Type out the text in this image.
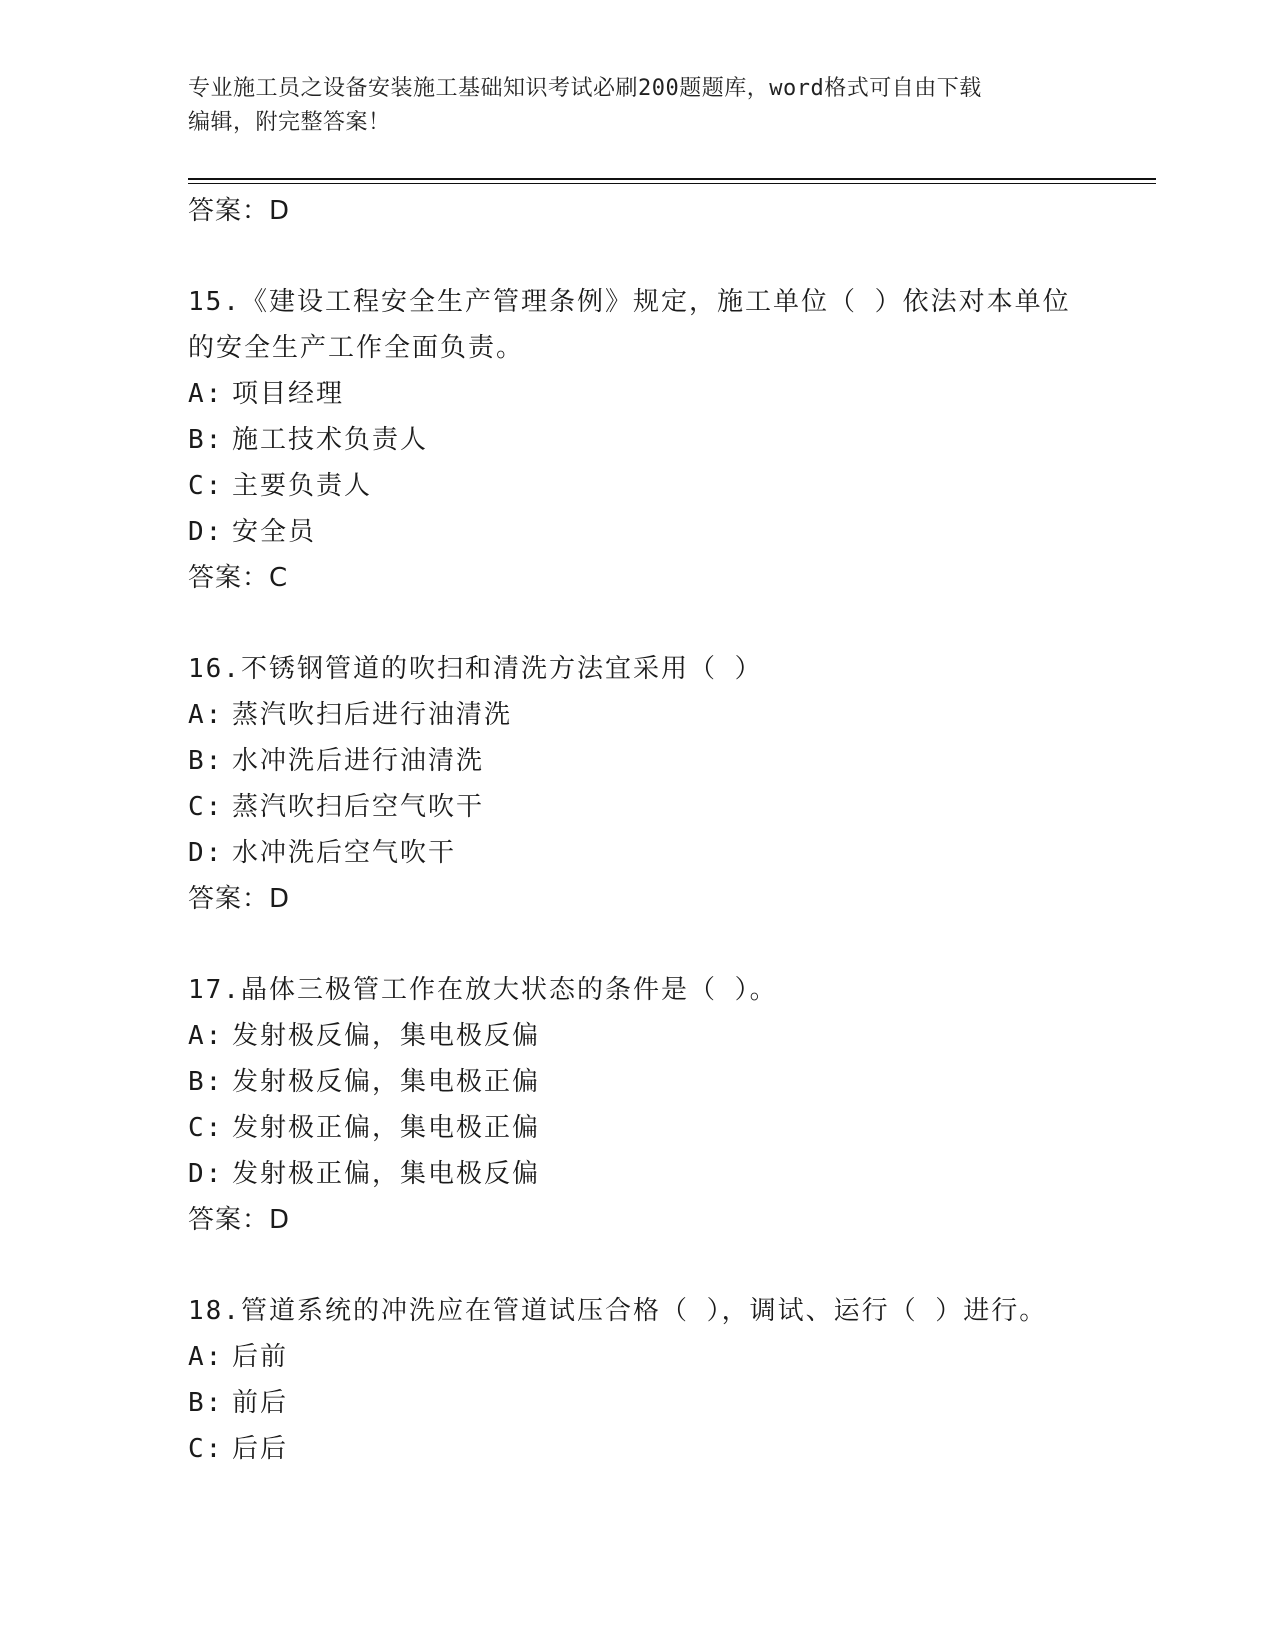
专业施工员之设备安装施工基础知识考试必刷200题题库，word格式可自由下载
编辑，附完整答案！
答案：D
15.《建设工程安全生产管理条例》规定，施工单位（ ）依法对本单位的安全生产工作全面负责。
A: 项目经理
B: 施工技术负责人
C: 主要负责人
D: 安全员
答案：C
16.不锈钢管道的吹扫和清洗方法宜采用（ ）
A: 蒸汽吹扫后进行油清洗
B: 水冲洗后进行油清洗
C: 蒸汽吹扫后空气吹干
D: 水冲洗后空气吹干
答案：D
17.晶体三极管工作在放大状态的条件是（ ）。
A: 发射极反偏，集电极反偏
B: 发射极反偏，集电极正偏
C: 发射极正偏，集电极正偏
D: 发射极正偏，集电极反偏
答案：D
18.管道系统的冲洗应在管道试压合格（ ），调试、运行（ ）进行。
A: 后前
B: 前后
C: 后后
